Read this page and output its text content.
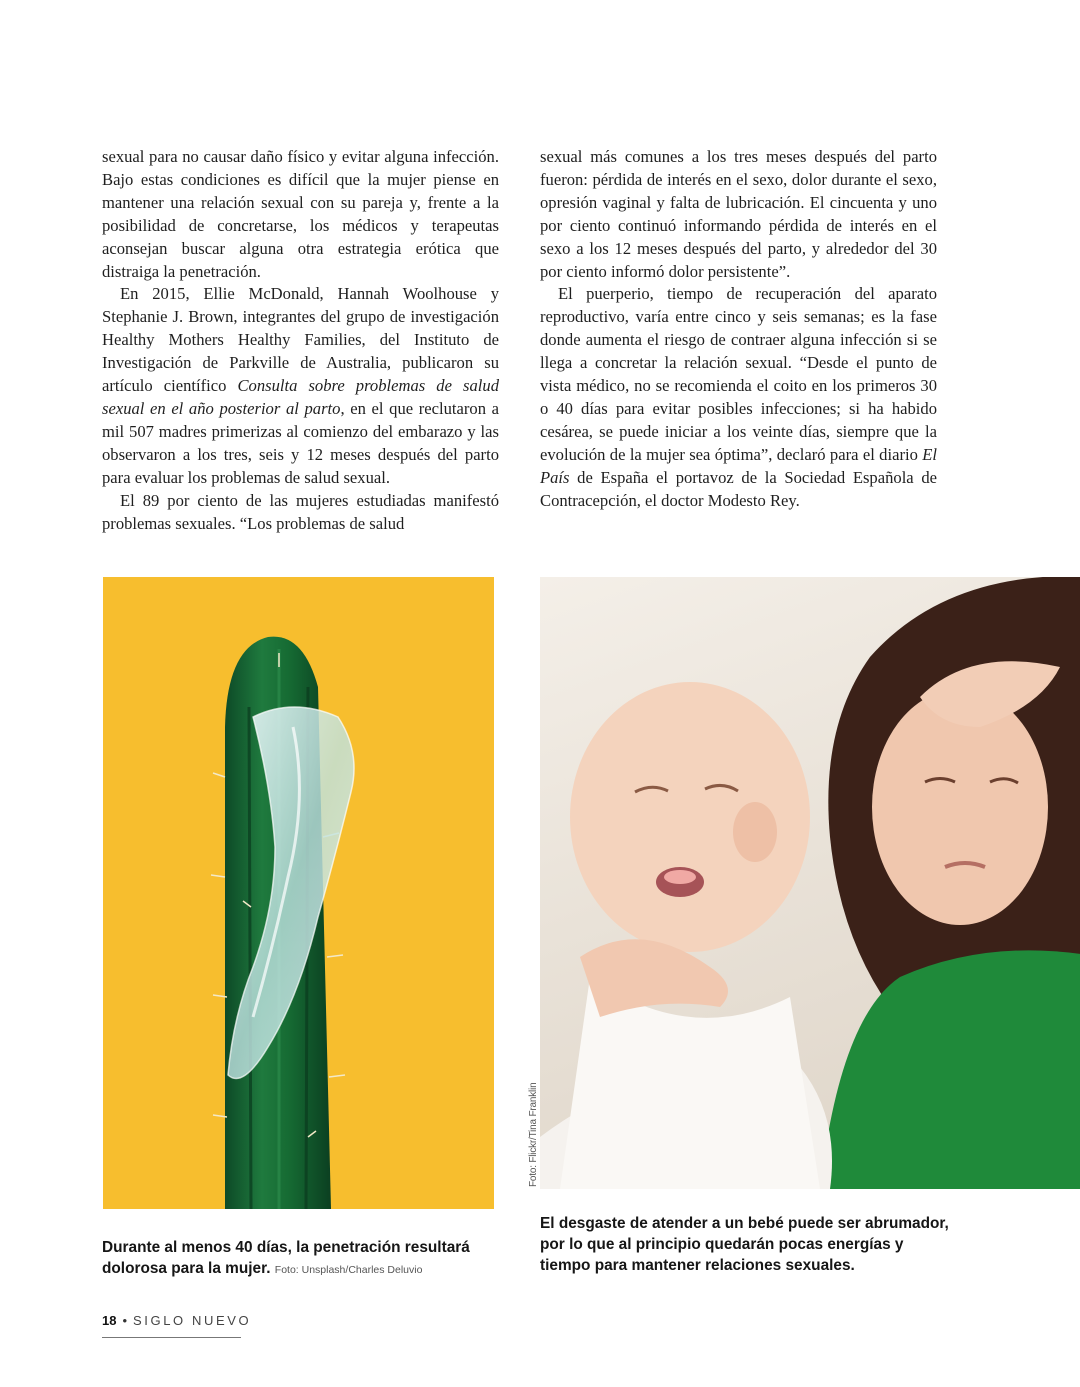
sexual para no causar daño físico y evitar alguna infección. Bajo estas condiciones es difícil que la mujer piense en mantener una relación sexual con su pareja y, frente a la posibilidad de concretarse, los médicos y terapeutas aconsejan buscar alguna otra estrategia erótica que distraiga la penetración.

En 2015, Ellie McDonald, Hannah Woolhouse y Stephanie J. Brown, integrantes del grupo de investigación Healthy Mothers Healthy Families, del Instituto de Investigación de Parkville de Australia, publicaron su artículo científico Consulta sobre problemas de salud sexual en el año posterior al parto, en el que reclutaron a mil 507 madres primerizas al comienzo del embarazo y las observaron a los tres, seis y 12 meses después del parto para evaluar los problemas de salud sexual.

El 89 por ciento de las mujeres estudiadas manifestó problemas sexuales. “Los problemas de salud

sexual más comunes a los tres meses después del parto fueron: pérdida de interés en el sexo, dolor durante el sexo, opresión vaginal y falta de lubricación. El cincuenta y uno por ciento continuó informando pérdida de interés en el sexo a los 12 meses después del parto, y alrededor del 30 por ciento informó dolor persistente”.

El puerperio, tiempo de recuperación del aparato reproductivo, varía entre cinco y seis semanas; es la fase donde aumenta el riesgo de contraer alguna infección si se llega a concretar la relación sexual. “Desde el punto de vista médico, no se recomienda el coito en los primeros 30 o 40 días para evitar posibles infecciones; si ha habido cesárea, se puede iniciar a los veinte días, siempre que la evolución de la mujer sea óptima”, declaró para el diario El País de España el portavoz de la Sociedad Española de Contracepción, el doctor Modesto Rey.

Foto: Flickr/Tina Franklin
Durante al menos 40 días, la penetración resultará dolorosa para la mujer. Foto: Unsplash/Charles Deluvio
El desgaste de atender a un bebé puede ser abrumador, por lo que al principio quedarán pocas energías y tiempo para mantener relaciones sexuales.
18 • SIGLO NUEVO
